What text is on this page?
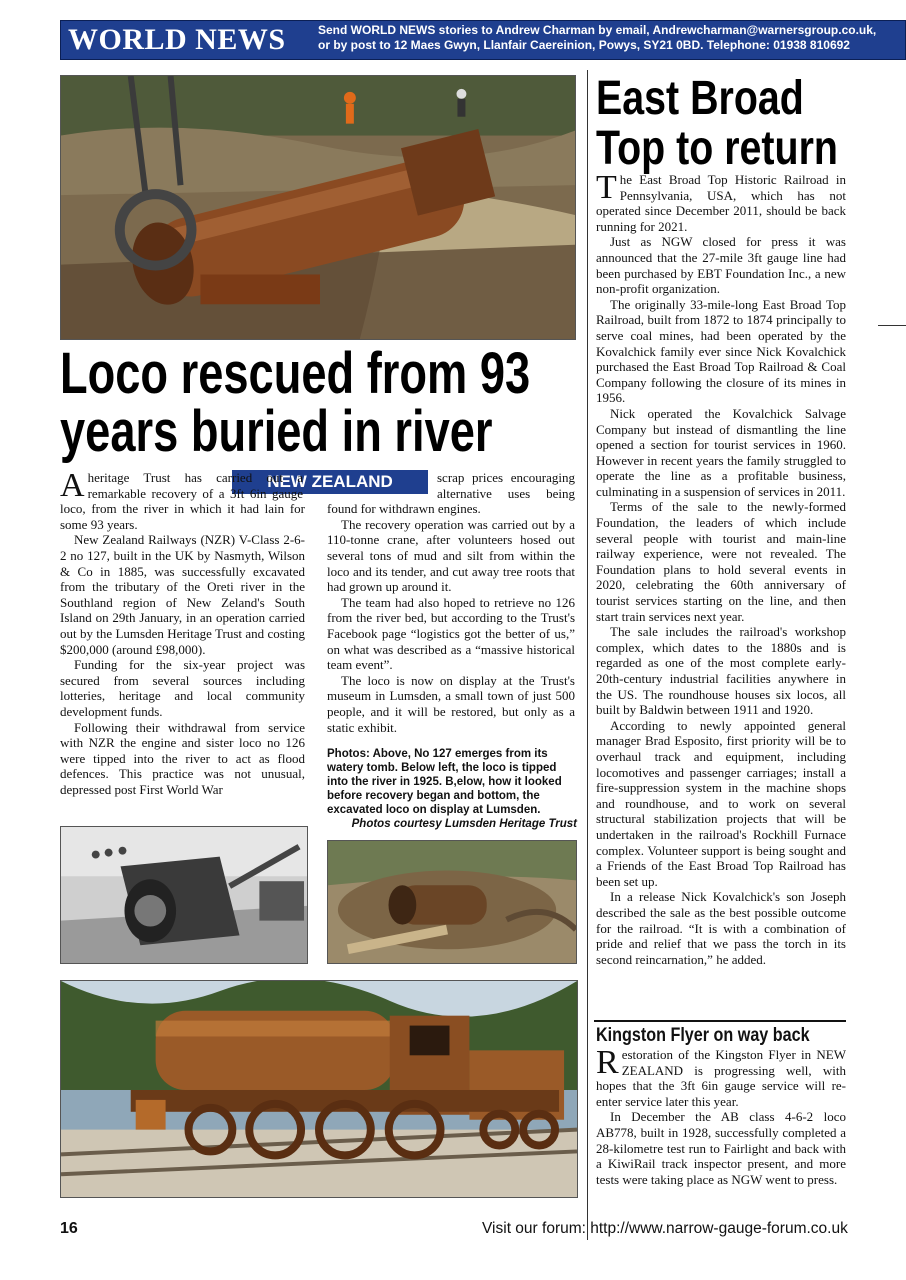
WORLD NEWS	Send WORLD NEWS stories to Andrew Charman by email, Andrewcharman@warnersgroup.co.uk,
or by post to 12 Maes Gwyn, Llanfair Caereinion, Powys, SY21 0BD. Telephone: 01938 810692
Loco rescued from 93
years buried in river
NEW ZEALAND

Aheritage Trust has carried out a remarkable recovery of a 3ft 6in gauge loco, from the river in which it had lain for some 93 years.

New Zealand Railways (NZR) V-Class 2-6-2 no 127, built in the UK by Nasmyth, Wilson & Co in 1885, was successfully excavated from the tributary of the Oreti river in the Southland region of New Zeland's South Island on 29th January, in an operation carried out by the Lumsden Heritage Trust and costing $200,000 (around £98,000).

Funding for the six-year project was secured from several sources including lotteries, heritage and local community development funds.

Following their withdrawal from service with NZR the engine and sister loco no 126 were tipped into the river to act as flood defences. This practice was not unusual, depressed post First World War

scrap prices encouraging alternative uses being found for withdrawn engines.

The recovery operation was carried out by a 110-tonne crane, after volunteers hosed out several tons of mud and silt from within the loco and its tender, and cut away tree roots that had grown up around it.

The team had also hoped to retrieve no 126 from the river bed, but according to the Trust's Facebook page “logistics got the better of us,” on what was described as a “massive historical team event”.

The loco is now on display at the Trust's museum in Lumsden, a small town of just 500 people, and it will be restored, but only as a static exhibit.

Photos: Above, No 127 emerges from its watery tomb. Below left, the loco is tipped into the river in 1925. B,elow, how it looked before recovery began and bottom, the excavated loco on display at Lumsden.
Photos courtesy Lumsden Heritage Trust
East Broad
Top to return

The East Broad Top Historic Railroad in Pennsylvania, USA, which has not operated since December 2011, should be back running for 2021.

Just as NGW closed for press it was announced that the 27-mile 3ft gauge line had been purchased by EBT Foundation Inc., a new non-profit organization.

The originally 33-mile-long East Broad Top Railroad, built from 1872 to 1874 principally to serve coal mines, had been operated by the Kovalchick family ever since Nick Kovalchick purchased the East Broad Top Railroad & Coal Company following the closure of its mines in 1956.

Nick operated the Kovalchick Salvage Company but instead of dismantling the line opened a section for tourist services in 1960. However in recent years the family struggled to operate the line as a profitable business, culminating in a suspension of services in 2011.

Terms of the sale to the newly-formed Foundation, the leaders of which include several people with tourist and main-line railway experience, were not revealed. The Foundation plans to hold several events in 2020, celebrating the 60th anniversary of tourist services starting on the line, and then start train services next year.

The sale includes the railroad's workshop complex, which dates to the 1880s and is regarded as one of the most complete early-20th-century industrial facilities anywhere in the US. The roundhouse houses six locos, all built by Baldwin between 1911 and 1920.

According to newly appointed general manager Brad Esposito, first priority will be to overhaul track and equipment, including locomotives and passenger carriages; install a fire-suppression system in the machine shops and roundhouse, and to work on several structural stabilization projects that will be undertaken in the railroad's Rockhill Furnace complex. Volunteer support is being sought and a Friends of the East Broad Top Railroad has been set up.

In a release Nick Kovalchick's son Joseph described the sale as the best possible outcome for the railroad. “It is with a combination of pride and relief that we pass the torch in its second reincarnation,” he added.

Kingston Flyer on way back

Restoration of the Kingston Flyer in NEW ZEALAND is progressing well, with hopes that the 3ft 6in gauge service will re-enter service later this year.

In December the AB class 4-6-2 loco AB778, built in 1928, successfully completed a 28-kilometre test run to Fairlight and back with a KiwiRail track inspector present, and more tests were taking place as NGW went to press.

16	Visit our forum: http://www.narrow-gauge-forum.co.uk
